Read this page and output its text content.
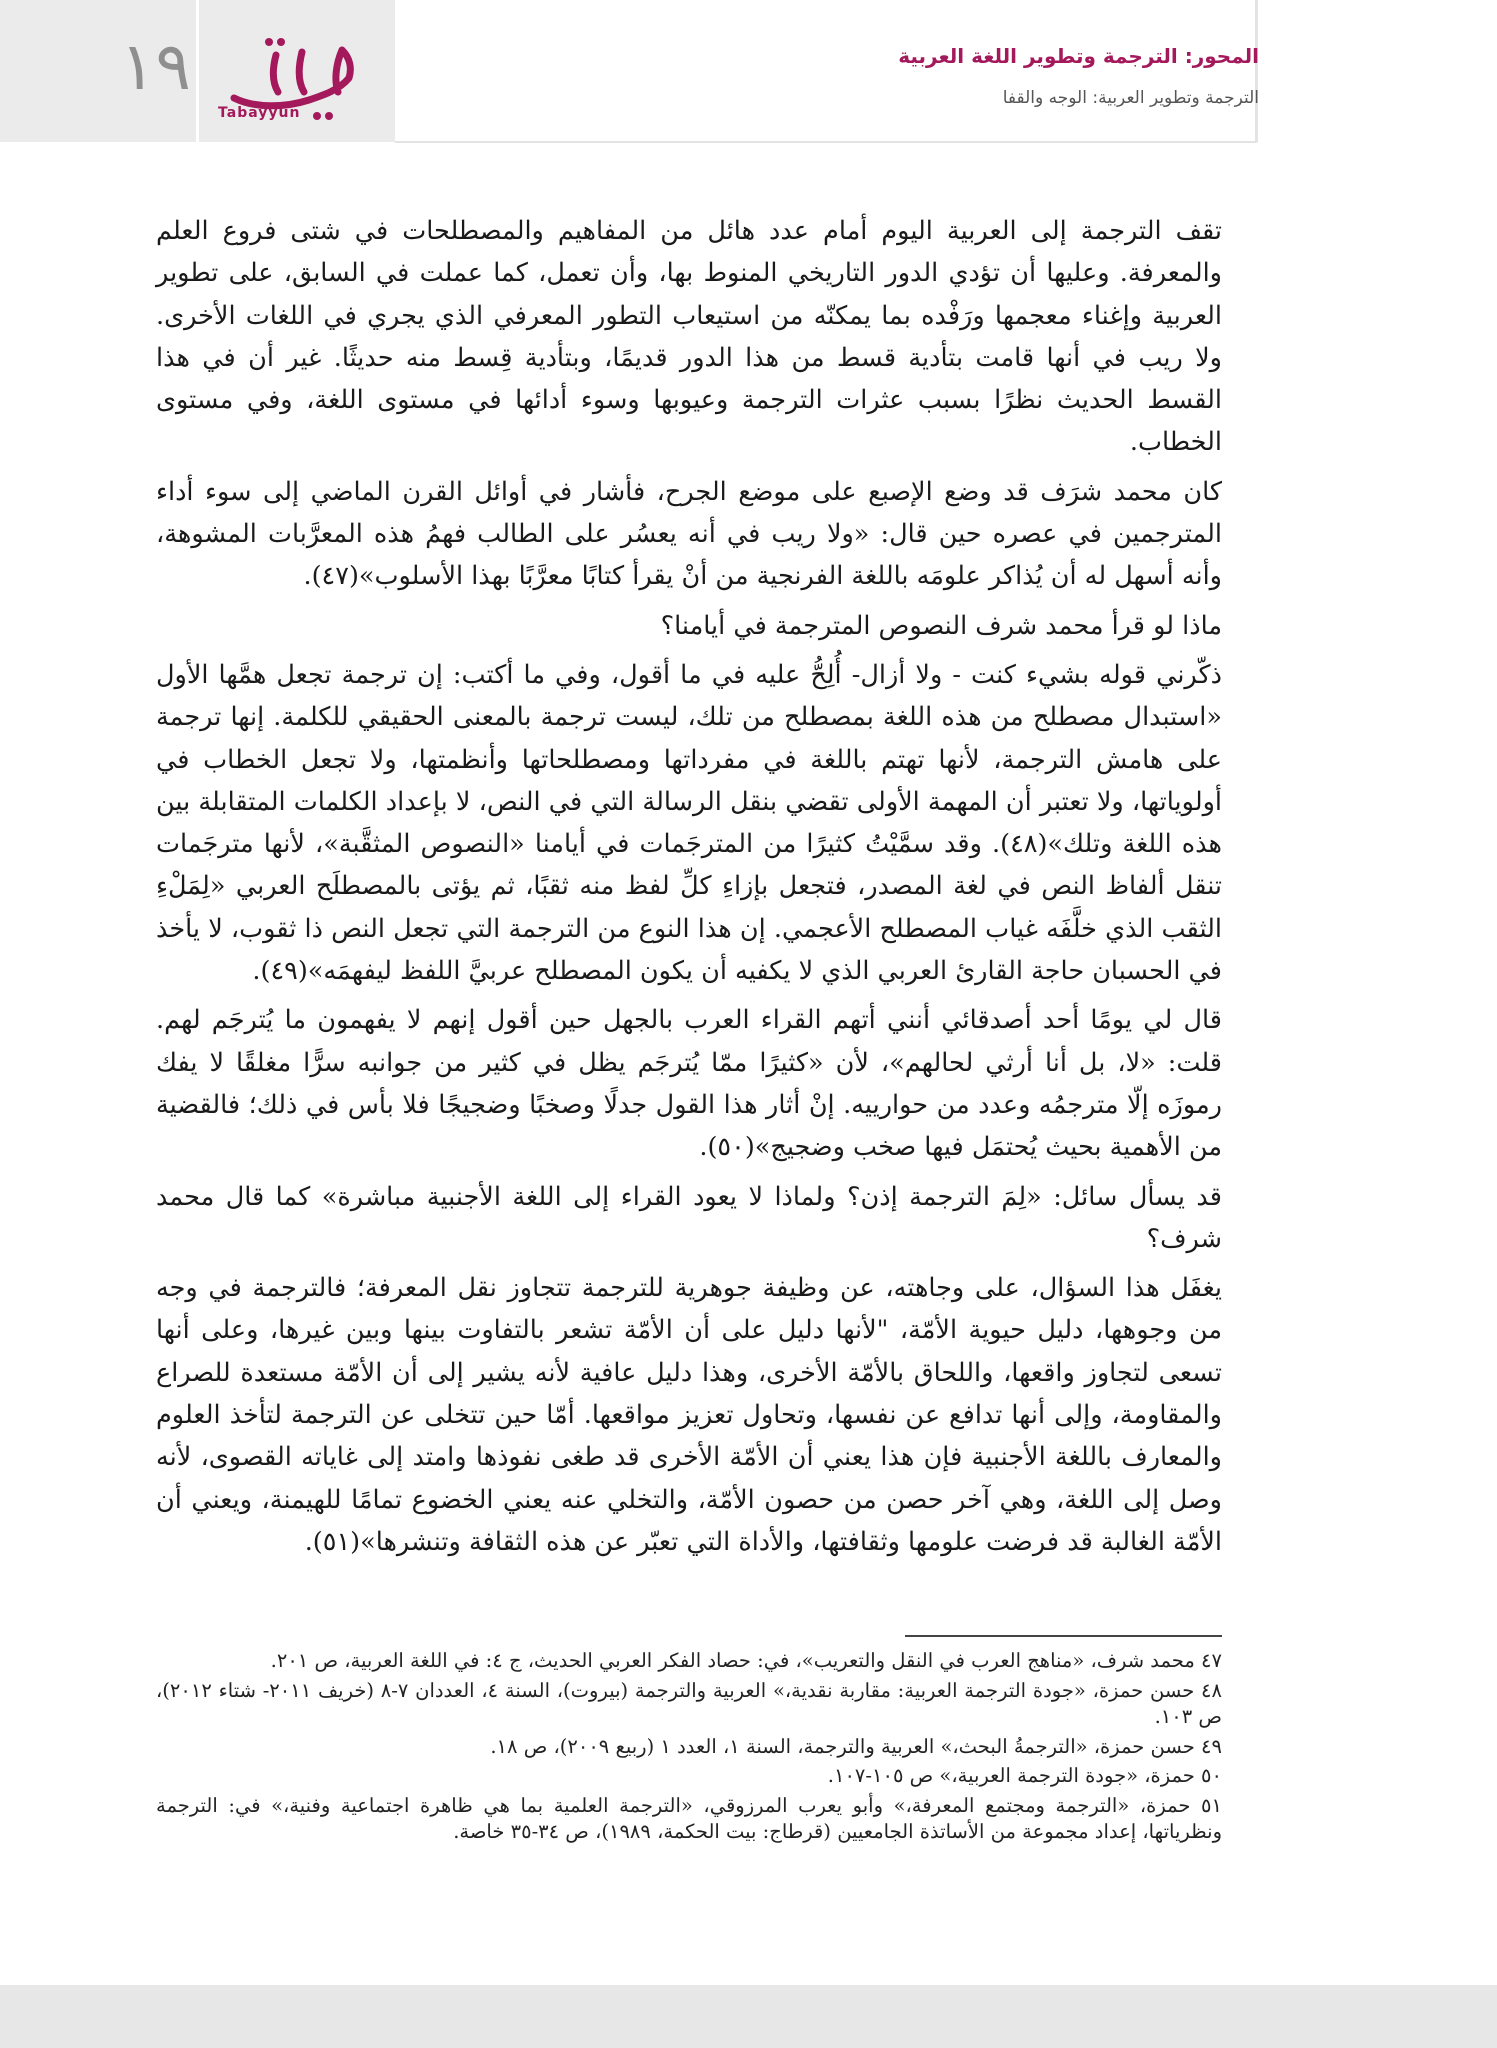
١٩
Tabayyun
المحور: الترجمة وتطوير اللغة العربية
الترجمة وتطوير العربية: الوجه والقفا

تقف الترجمة إلى العربية اليوم أمام عدد هائل من المفاهيم والمصطلحات في شتى فروع العلم والمعرفة. وعليها أن تؤدي الدور التاريخي المنوط بها، وأن تعمل، كما عملت في السابق، على تطوير العربية وإغناء معجمها ورَفْده بما يمكنّه من استيعاب التطور المعرفي الذي يجري في اللغات الأخرى. ولا ريب في أنها قامت بتأدية قسط من هذا الدور قديمًا، وبتأدية قِسط منه حديثًا. غير أن في هذا القسط الحديث نظرًا بسبب عثرات الترجمة وعيوبها وسوء أدائها في مستوى اللغة، وفي مستوى الخطاب.

كان محمد شرَف قد وضع الإصبع على موضع الجرح، فأشار في أوائل القرن الماضي إلى سوء أداء المترجمين في عصره حين قال: «ولا ريب في أنه يعسُر على الطالب فهمُ هذه المعرَّبات المشوهة، وأنه أسهل له أن يُذاكر علومَه باللغة الفرنجية من أنْ يقرأ كتابًا معرَّبًا بهذا الأسلوب»(٤٧).

ماذا لو قرأ محمد شرف النصوص المترجمة في أيامنا؟

ذكّرني قوله بشيء كنت - ولا أزال- أُلِحُّ عليه في ما أقول، وفي ما أكتب: إن ترجمة تجعل همَّها الأول «استبدال مصطلح من هذه اللغة بمصطلح من تلك، ليست ترجمة بالمعنى الحقيقي للكلمة. إنها ترجمة على هامش الترجمة، لأنها تهتم باللغة في مفرداتها ومصطلحاتها وأنظمتها، ولا تجعل الخطاب في أولوياتها، ولا تعتبر أن المهمة الأولى تقضي بنقل الرسالة التي في النص، لا بإعداد الكلمات المتقابلة بين هذه اللغة وتلك»(٤٨). وقد سمَّيْتُ كثيرًا من المترجَمات في أيامنا «النصوص المثقَّبة»، لأنها مترجَمات تنقل ألفاظ النص في لغة المصدر، فتجعل بإزاءِ كلِّ لفظ منه ثقبًا، ثم يؤتى بالمصطلَح العربي «لِمَلْءِ الثقب الذي خلَّفَه غياب المصطلح الأعجمي. إن هذا النوع من الترجمة التي تجعل النص ذا ثقوب، لا يأخذ في الحسبان حاجة القارئ العربي الذي لا يكفيه أن يكون المصطلح عربيَّ اللفظ ليفهمَه»(٤٩).

قال لي يومًا أحد أصدقائي أنني أتهم القراء العرب بالجهل حين أقول إنهم لا يفهمون ما يُترجَم لهم. قلت: «لا، بل أنا أرثي لحالهم»، لأن «كثيرًا ممّا يُترجَم يظل في كثير من جوانبه سرًّا مغلقًا لا يفك رموزَه إلّا مترجمُه وعدد من حوارييه. إنْ أثار هذا القول جدلًا وصخبًا وضجيجًا فلا بأس في ذلك؛ فالقضية من الأهمية بحيث يُحتمَل فيها صخب وضجيج»(٥٠).

قد يسأل سائل: «لِمَ الترجمة إذن؟ ولماذا لا يعود القراء إلى اللغة الأجنبية مباشرة» كما قال محمد شرف؟

يغفَل هذا السؤال، على وجاهته، عن وظيفة جوهرية للترجمة تتجاوز نقل المعرفة؛ فالترجمة في وجه من وجوهها، دليل حيوية الأمّة، "لأنها دليل على أن الأمّة تشعر بالتفاوت بينها وبين غيرها، وعلى أنها تسعى لتجاوز واقعها، واللحاق بالأمّة الأخرى، وهذا دليل عافية لأنه يشير إلى أن الأمّة مستعدة للصراع والمقاومة، وإلى أنها تدافع عن نفسها، وتحاول تعزيز مواقعها. أمّا حين تتخلى عن الترجمة لتأخذ العلوم والمعارف باللغة الأجنبية فإن هذا يعني أن الأمّة الأخرى قد طغى نفوذها وامتد إلى غاياته القصوى، لأنه وصل إلى اللغة، وهي آخر حصن من حصون الأمّة، والتخلي عنه يعني الخضوع تمامًا للهيمنة، ويعني أن الأمّة الغالبة قد فرضت علومها وثقافتها، والأداة التي تعبّر عن هذه الثقافة وتنشرها»(٥١).

٤٧ محمد شرف، «مناهج العرب في النقل والتعريب»، في: حصاد الفكر العربي الحديث، ج ٤: في اللغة العربية، ص ٢٠١.

٤٨ حسن حمزة، «جودة الترجمة العربية: مقاربة نقدية،» العربية والترجمة (بيروت)، السنة ٤، العددان ٧-٨ (خريف ٢٠١١- شتاء ٢٠١٢)، ص ١٠٣.

٤٩ حسن حمزة، «الترجمةُ البحث،» العربية والترجمة، السنة ١، العدد ١ (ربيع ٢٠٠٩)، ص ١٨.

٥٠ حمزة، «جودة الترجمة العربية،» ص ١٠٥-١٠٧.

٥١ حمزة، «الترجمة ومجتمع المعرفة،» وأبو يعرب المرزوقي، «الترجمة العلمية بما هي ظاهرة اجتماعية وفنية،» في: الترجمة ونظرياتها، إعداد مجموعة من الأساتذة الجامعيين (قرطاج: بيت الحكمة، ١٩٨٩)، ص ٣٤-٣٥ خاصة.
